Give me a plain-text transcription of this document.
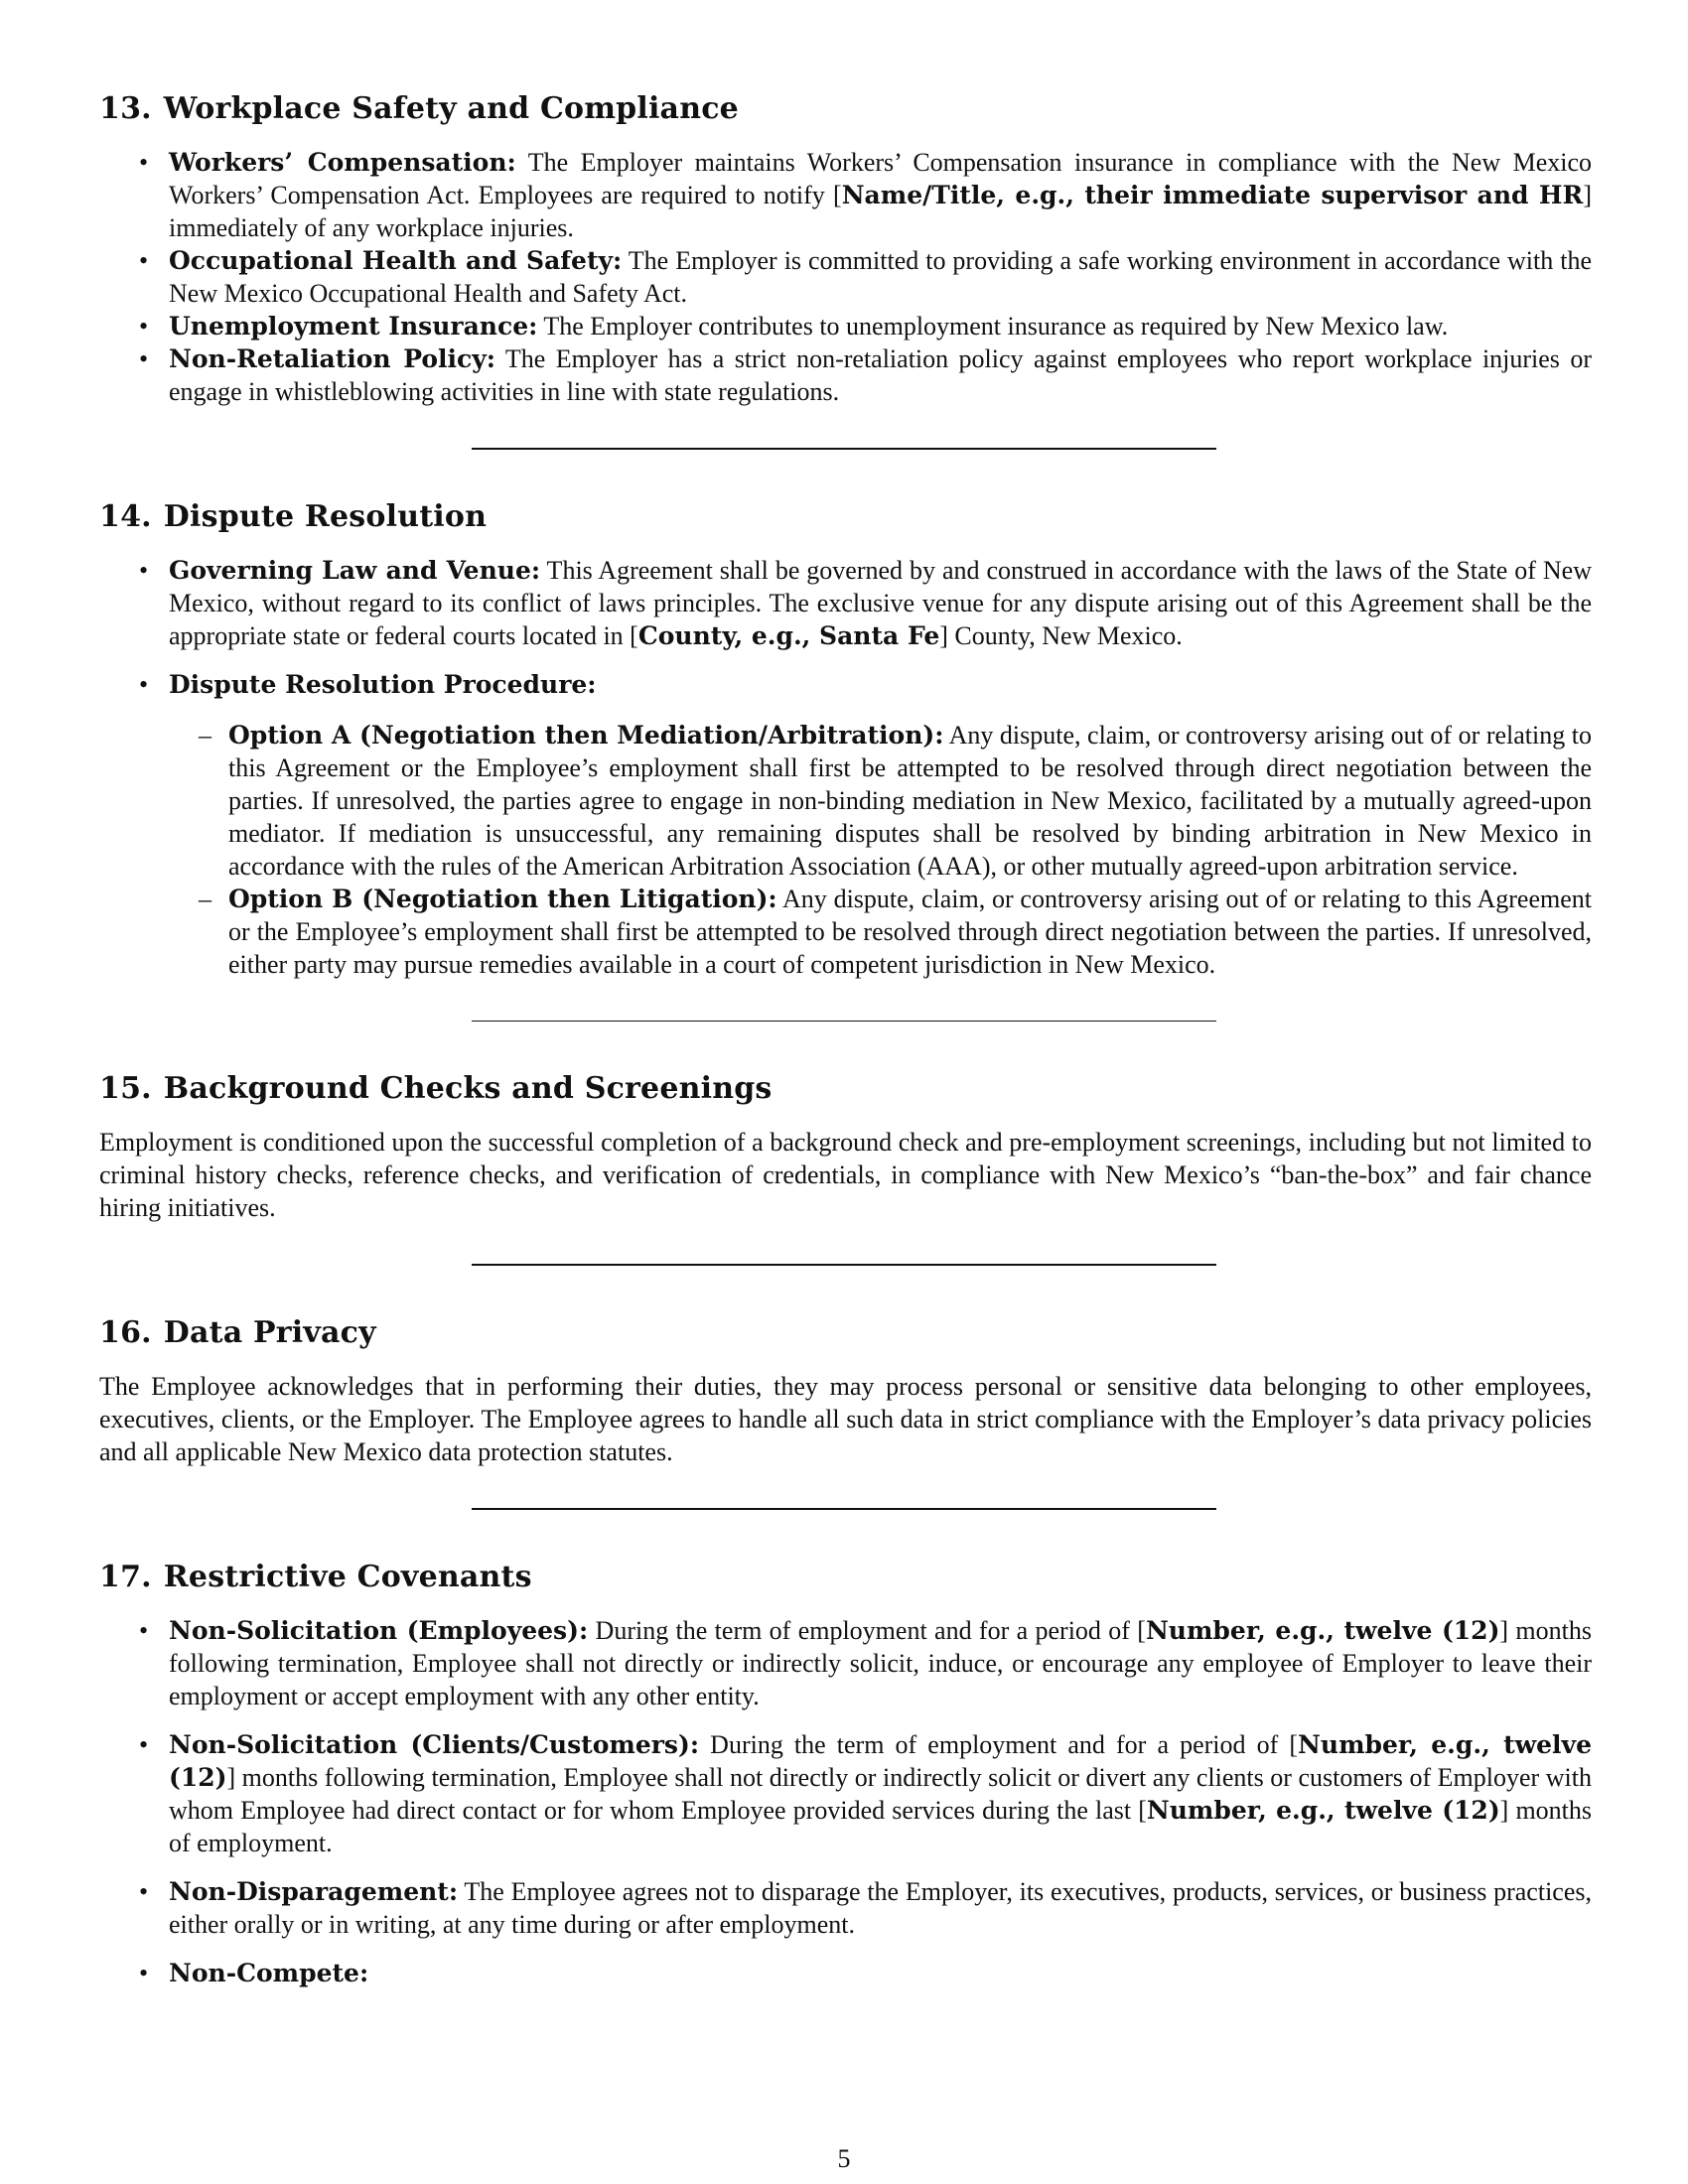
13. Workplace Safety and Compliance
• Workers’ Compensation: The Employer maintains Workers’ Compensation insurance in compliance with the New Mexico Workers’ Compensation Act. Employees are required to notify [Name/Title, e.g., their immediate supervisor and HR] immediately of any workplace injuries.
• Occupational Health and Safety: The Employer is committed to providing a safe working environment in accordance with the New Mexico Occupational Health and Safety Act.
• Unemployment Insurance: The Employer contributes to unemployment insurance as required by New Mexico law.
• Non-Retaliation Policy: The Employer has a strict non-retaliation policy against employees who report workplace injuries or engage in whistleblowing activities in line with state regulations.
14. Dispute Resolution
• Governing Law and Venue: This Agreement shall be governed by and construed in accordance with the laws of the State of New Mexico, without regard to its conflict of laws principles. The exclusive venue for any dispute arising out of this Agreement shall be the appropriate state or federal courts located in [County, e.g., Santa Fe] County, New Mexico.
• Dispute Resolution Procedure:
– Option A (Negotiation then Mediation/Arbitration): Any dispute, claim, or controversy arising out of or relating to this Agreement or the Employee’s employment shall first be attempted to be resolved through direct negotiation between the parties. If unresolved, the parties agree to engage in non-binding mediation in New Mexico, facilitated by a mutually agreed-upon mediator. If mediation is unsuccessful, any remaining disputes shall be resolved by binding arbitration in New Mexico in accordance with the rules of the American Arbitration Association (AAA), or other mutually agreed-upon arbitration service.
– Option B (Negotiation then Litigation): Any dispute, claim, or controversy arising out of or relating to this Agreement or the Employee’s employment shall first be attempted to be resolved through direct negotiation between the parties. If unresolved, either party may pursue remedies available in a court of competent jurisdiction in New Mexico.
15. Background Checks and Screenings

Employment is conditioned upon the successful completion of a background check and pre-employment screenings, including but not limited to criminal history checks, reference checks, and verification of credentials, in compliance with New Mexico’s “ban-the-box” and fair chance hiring initiatives.

16. Data Privacy

The Employee acknowledges that in performing their duties, they may process personal or sensitive data belonging to other employees, executives, clients, or the Employer. The Employee agrees to handle all such data in strict compliance with the Employer’s data privacy policies and all applicable New Mexico data protection statutes.

17. Restrictive Covenants
• Non-Solicitation (Employees): During the term of employment and for a period of [Number, e.g., twelve (12)] months following termination, Employee shall not directly or indirectly solicit, induce, or encourage any employee of Employer to leave their employment or accept employment with any other entity.
• Non-Solicitation (Clients/Customers): During the term of employment and for a period of [Number, e.g., twelve (12)] months following termination, Employee shall not directly or indirectly solicit or divert any clients or customers of Employer with whom Employee had direct contact or for whom Employee provided services during the last [Number, e.g., twelve (12)] months of employment.
• Non-Disparagement: The Employee agrees not to disparage the Employer, its executives, products, services, or business practices, either orally or in writing, at any time during or after employment.
• Non-Compete:
5
